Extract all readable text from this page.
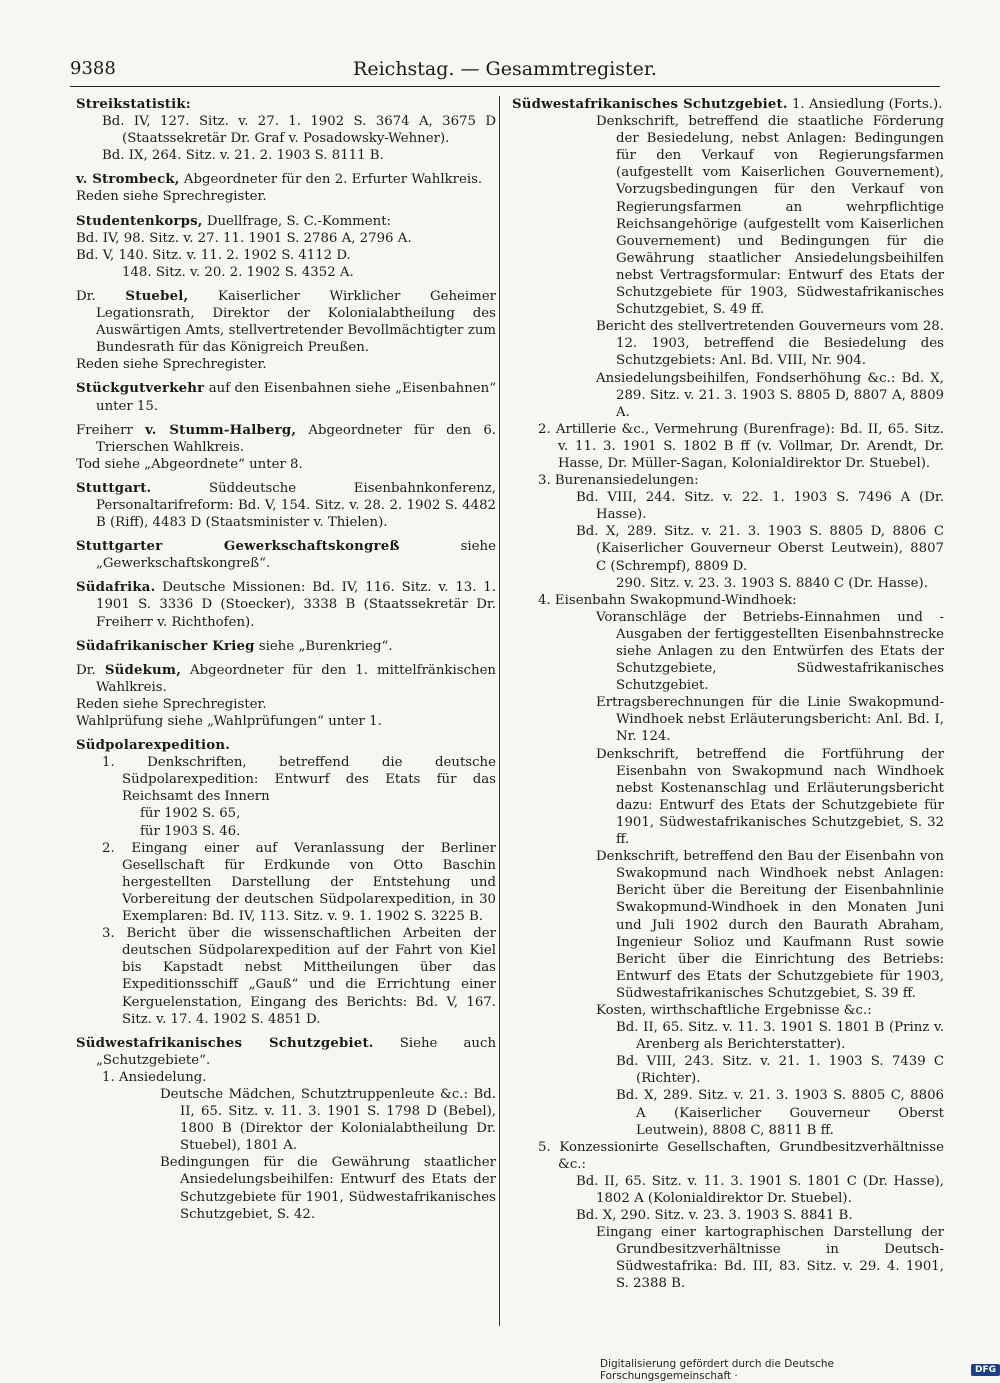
9388	Reichstag. — Gesammtregister.

Streikstatistik:

Bd. IV, 127. Sitz. v. 27. 1. 1902 S. 3674 A, 3675 D (Staatssekretär Dr. Graf v. Posadowsky-Wehner).

Bd. IX, 264. Sitz. v. 21. 2. 1903 S. 8111 B.

v. Strombeck, Abgeordneter für den 2. Erfurter Wahlkreis.

Reden siehe Sprechregister.

Studentenkorps, Duellfrage, S. C.-Komment:

Bd. IV, 98. Sitz. v. 27. 11. 1901 S. 2786 A, 2796 A.

Bd. V, 140. Sitz. v. 11. 2. 1902 S. 4112 D.

148. Sitz. v. 20. 2. 1902 S. 4352 A.

Dr. Stuebel, Kaiserlicher Wirklicher Geheimer Legationsrath, Direktor der Kolonialabtheilung des Auswärtigen Amts, stellvertretender Bevollmächtigter zum Bundesrath für das Königreich Preußen.

Reden siehe Sprechregister.

Stückgutverkehr auf den Eisenbahnen siehe „Eisenbahnen“ unter 15.

Freiherr v. Stumm-Halberg, Abgeordneter für den 6. Trierschen Wahlkreis.

Tod siehe „Abgeordnete“ unter 8.

Stuttgart. Süddeutsche Eisenbahnkonferenz, Personaltarifreform: Bd. V, 154. Sitz. v. 28. 2. 1902 S. 4482 B (Riff), 4483 D (Staatsminister v. Thielen).

Stuttgarter Gewerkschaftskongreß siehe „Gewerkschaftskongreß“.

Südafrika. Deutsche Missionen: Bd. IV, 116. Sitz. v. 13. 1. 1901 S. 3336 D (Stoecker), 3338 B (Staatssekretär Dr. Freiherr v. Richthofen).

Südafrikanischer Krieg siehe „Burenkrieg“.

Dr. Südekum, Abgeordneter für den 1. mittelfränkischen Wahlkreis.

Reden siehe Sprechregister.

Wahlprüfung siehe „Wahlprüfungen“ unter 1.

Südpolarexpedition.

1. Denkschriften, betreffend die deutsche Südpolarexpedition: Entwurf des Etats für das Reichsamt des Innern

für 1902 S. 65,

für 1903 S. 46.

2. Eingang einer auf Veranlassung der Berliner Gesellschaft für Erdkunde von Otto Baschin hergestellten Darstellung der Entstehung und Vorbereitung der deutschen Südpolarexpedition, in 30 Exemplaren: Bd. IV, 113. Sitz. v. 9. 1. 1902 S. 3225 B.

3. Bericht über die wissenschaftlichen Arbeiten der deutschen Südpolarexpedition auf der Fahrt von Kiel bis Kapstadt nebst Mittheilungen über das Expeditionsschiff „Gauß“ und die Errichtung einer Kerguelenstation, Eingang des Berichts: Bd. V, 167. Sitz. v. 17. 4. 1902 S. 4851 D.

Südwestafrikanisches Schutzgebiet. Siehe auch „Schutzgebiete“.

1. Ansiedelung.

Deutsche Mädchen, Schutztruppenleute &c.: Bd. II, 65. Sitz. v. 11. 3. 1901 S. 1798 D (Bebel), 1800 B (Direktor der Kolonialabtheilung Dr. Stuebel), 1801 A.

Bedingungen für die Gewährung staatlicher Ansiedelungsbeihilfen: Entwurf des Etats der Schutzgebiete für 1901, Südwestafrikanisches Schutzgebiet, S. 42.

Südwestafrikanisches Schutzgebiet. 1. Ansiedlung (Forts.).

Denkschrift, betreffend die staatliche Förderung der Besiedelung, nebst Anlagen: Bedingungen für den Verkauf von Regierungsfarmen (aufgestellt vom Kaiserlichen Gouvernement), Vorzugsbedingungen für den Verkauf von Regierungsfarmen an wehrpflichtige Reichsangehörige (aufgestellt vom Kaiserlichen Gouvernement) und Bedingungen für die Gewährung staatlicher Ansiedelungsbeihilfen nebst Vertragsformular: Entwurf des Etats der Schutzgebiete für 1903, Südwestafrikanisches Schutzgebiet, S. 49 ff.

Bericht des stellvertretenden Gouverneurs vom 28. 12. 1903, betreffend die Besiedelung des Schutzgebiets: Anl. Bd. VIII, Nr. 904.

Ansiedelungsbeihilfen, Fondserhöhung &c.: Bd. X, 289. Sitz. v. 21. 3. 1903 S. 8805 D, 8807 A, 8809 A.

2. Artillerie &c., Vermehrung (Burenfrage): Bd. II, 65. Sitz. v. 11. 3. 1901 S. 1802 B ff (v. Vollmar, Dr. Arendt, Dr. Hasse, Dr. Müller-Sagan, Kolonialdirektor Dr. Stuebel).

3. Burenansiedelungen:

Bd. VIII, 244. Sitz. v. 22. 1. 1903 S. 7496 A (Dr. Hasse).

Bd. X, 289. Sitz. v. 21. 3. 1903 S. 8805 D, 8806 C (Kaiserlicher Gouverneur Oberst Leutwein), 8807 C (Schrempf), 8809 D.

290. Sitz. v. 23. 3. 1903 S. 8840 C (Dr. Hasse).

4. Eisenbahn Swakopmund-Windhoek:

Voranschläge der Betriebs-Einnahmen und -Ausgaben der fertiggestellten Eisenbahnstrecke siehe Anlagen zu den Entwürfen des Etats der Schutzgebiete, Südwestafrikanisches Schutzgebiet.

Ertragsberechnungen für die Linie Swakopmund-Windhoek nebst Erläuterungsbericht: Anl. Bd. I, Nr. 124.

Denkschrift, betreffend die Fortführung der Eisenbahn von Swakopmund nach Windhoek nebst Kostenanschlag und Erläuterungsbericht dazu: Entwurf des Etats der Schutzgebiete für 1901, Südwestafrikanisches Schutzgebiet, S. 32 ff.

Denkschrift, betreffend den Bau der Eisenbahn von Swakopmund nach Windhoek nebst Anlagen: Bericht über die Bereitung der Eisenbahnlinie Swakopmund-Windhoek in den Monaten Juni und Juli 1902 durch den Baurath Abraham, Ingenieur Solioz und Kaufmann Rust sowie Bericht über die Einrichtung des Betriebs: Entwurf des Etats der Schutzgebiete für 1903, Südwestafrikanisches Schutzgebiet, S. 39 ff.

Kosten, wirthschaftliche Ergebnisse &c.:

Bd. II, 65. Sitz. v. 11. 3. 1901 S. 1801 B (Prinz v. Arenberg als Berichterstatter).

Bd. VIII, 243. Sitz. v. 21. 1. 1903 S. 7439 C (Richter).

Bd. X, 289. Sitz. v. 21. 3. 1903 S. 8805 C, 8806 A (Kaiserlicher Gouverneur Oberst Leutwein), 8808 C, 8811 B ff.

5. Konzessionirte Gesellschaften, Grundbesitzverhältnisse &c.:

Bd. II, 65. Sitz. v. 11. 3. 1901 S. 1801 C (Dr. Hasse), 1802 A (Kolonialdirektor Dr. Stuebel).

Bd. X, 290. Sitz. v. 23. 3. 1903 S. 8841 B.

Eingang einer kartographischen Darstellung der Grundbesitzverhältnisse in Deutsch-Südwestafrika: Bd. III, 83. Sitz. v. 29. 4. 1901, S. 2388 B.

Digitalisierung gefördert durch die Deutsche Forschungsgemeinschaft ·	DFG
